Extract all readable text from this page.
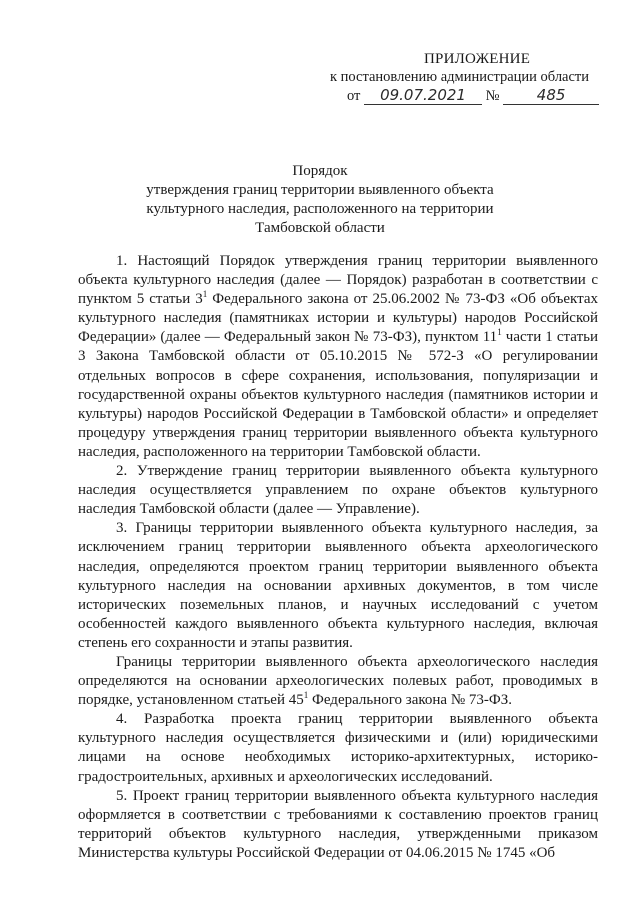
ПРИЛОЖЕНИЕ
к постановлению администрации области
от 09.07.2021 № 485
Порядок
утверждения границ территории выявленного объекта
культурного наследия, расположенного на территории
Тамбовской области

1. Настоящий Порядок утверждения границ территории выявленного объекта культурного наследия (далее — Порядок) разработан в соответствии с пунктом 5 статьи $3^1$ Федерального закона от 25.06.2002 № 73-ФЗ «Об объектах культурного наследия (памятниках истории и культуры) народов Российской Федерации» (далее — Федеральный закон № 73-ФЗ), пунктом $11^1$ части 1 статьи 3 Закона Тамбовской области от 05.10.2015 № 572-З «О регулировании отдельных вопросов в сфере сохранения, использования, популяризации и государственной охраны объектов культурного наследия (памятников истории и культуры) народов Российской Федерации в Тамбовской области» и определяет процедуру утверждения границ территории выявленного объекта культурного наследия, расположенного на территории Тамбовской области.

2. Утверждение границ территории выявленного объекта культурного наследия осуществляется управлением по охране объектов культурного наследия Тамбовской области (далее — Управление).

3. Границы территории выявленного объекта культурного наследия, за исключением границ территории выявленного объекта археологического наследия, определяются проектом границ территории выявленного объекта культурного наследия на основании архивных документов, в том числе исторических поземельных планов, и научных исследований с учетом особенностей каждого выявленного объекта культурного наследия, включая степень его сохранности и этапы развития.

Границы территории выявленного объекта археологического наследия определяются на основании археологических полевых работ, проводимых в порядке, установленном статьей $45^1$ Федерального закона № 73-ФЗ.

4. Разработка проекта границ территории выявленного объекта культурного наследия осуществляется физическими и (или) юридическими лицами на основе необходимых историко-архитектурных, историко-градостроительных, архивных и археологических исследований.

5. Проект границ территории выявленного объекта культурного наследия оформляется в соответствии с требованиями к составлению проектов границ территорий объектов культурного наследия, утвержденными приказом Министерства культуры Российской Федерации от 04.06.2015 № 1745 «Об
